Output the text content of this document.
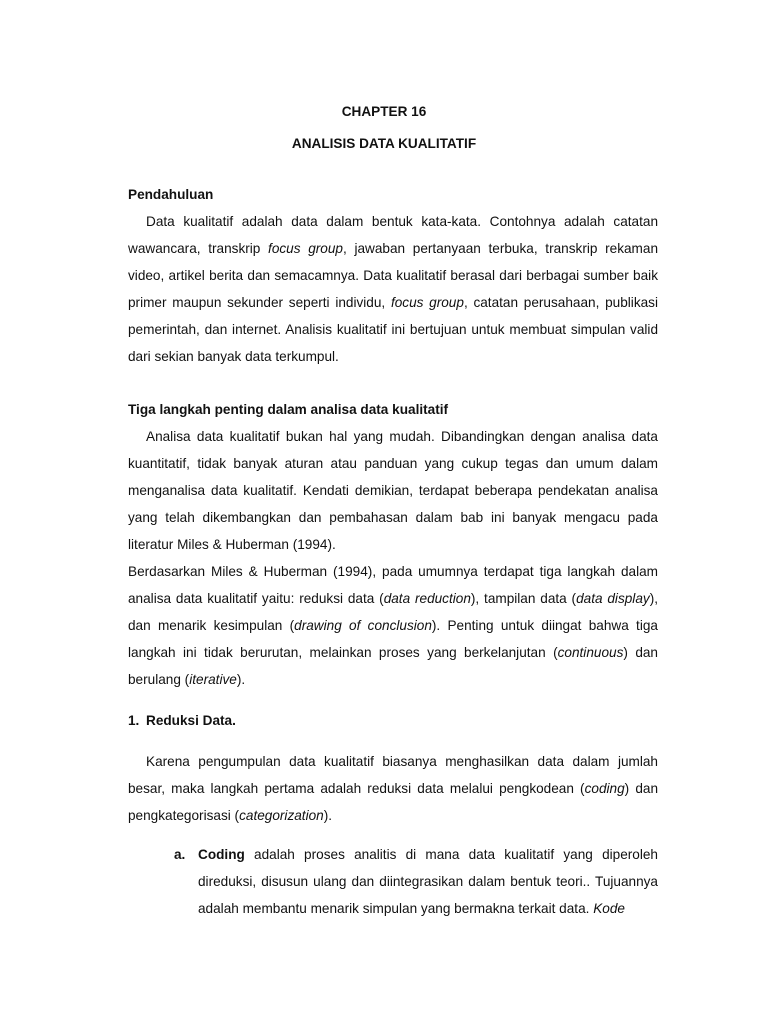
CHAPTER 16
ANALISIS DATA KUALITATIF
Pendahuluan

Data kualitatif adalah data dalam bentuk kata-kata. Contohnya adalah catatan wawancara, transkrip focus group, jawaban pertanyaan terbuka, transkrip rekaman video, artikel berita dan semacamnya. Data kualitatif berasal dari berbagai sumber baik primer maupun sekunder seperti individu, focus group, catatan perusahaan, publikasi pemerintah, dan internet. Analisis kualitatif ini bertujuan untuk membuat simpulan valid dari sekian banyak data terkumpul.

Tiga langkah penting dalam analisa data kualitatif

Analisa data kualitatif bukan hal yang mudah. Dibandingkan dengan analisa data kuantitatif, tidak banyak aturan atau panduan yang cukup tegas dan umum dalam menganalisa data kualitatif. Kendati demikian, terdapat beberapa pendekatan analisa yang telah dikembangkan dan pembahasan dalam bab ini banyak mengacu pada literatur Miles & Huberman (1994).

Berdasarkan Miles & Huberman (1994), pada umumnya terdapat tiga langkah dalam analisa data kualitatif yaitu: reduksi data (data reduction), tampilan data (data display), dan menarik kesimpulan (drawing of conclusion). Penting untuk diingat bahwa tiga langkah ini tidak berurutan, melainkan proses yang berkelanjutan (continuous) dan berulang (iterative).

1. Reduksi Data.

Karena pengumpulan data kualitatif biasanya menghasilkan data dalam jumlah besar, maka langkah pertama adalah reduksi data melalui pengkodean (coding) dan pengkategorisasi (categorization).

a. Coding adalah proses analitis di mana data kualitatif yang diperoleh direduksi, disusun ulang dan diintegrasikan dalam bentuk teori.. Tujuannya adalah membantu menarik simpulan yang bermakna terkait data. Kode
